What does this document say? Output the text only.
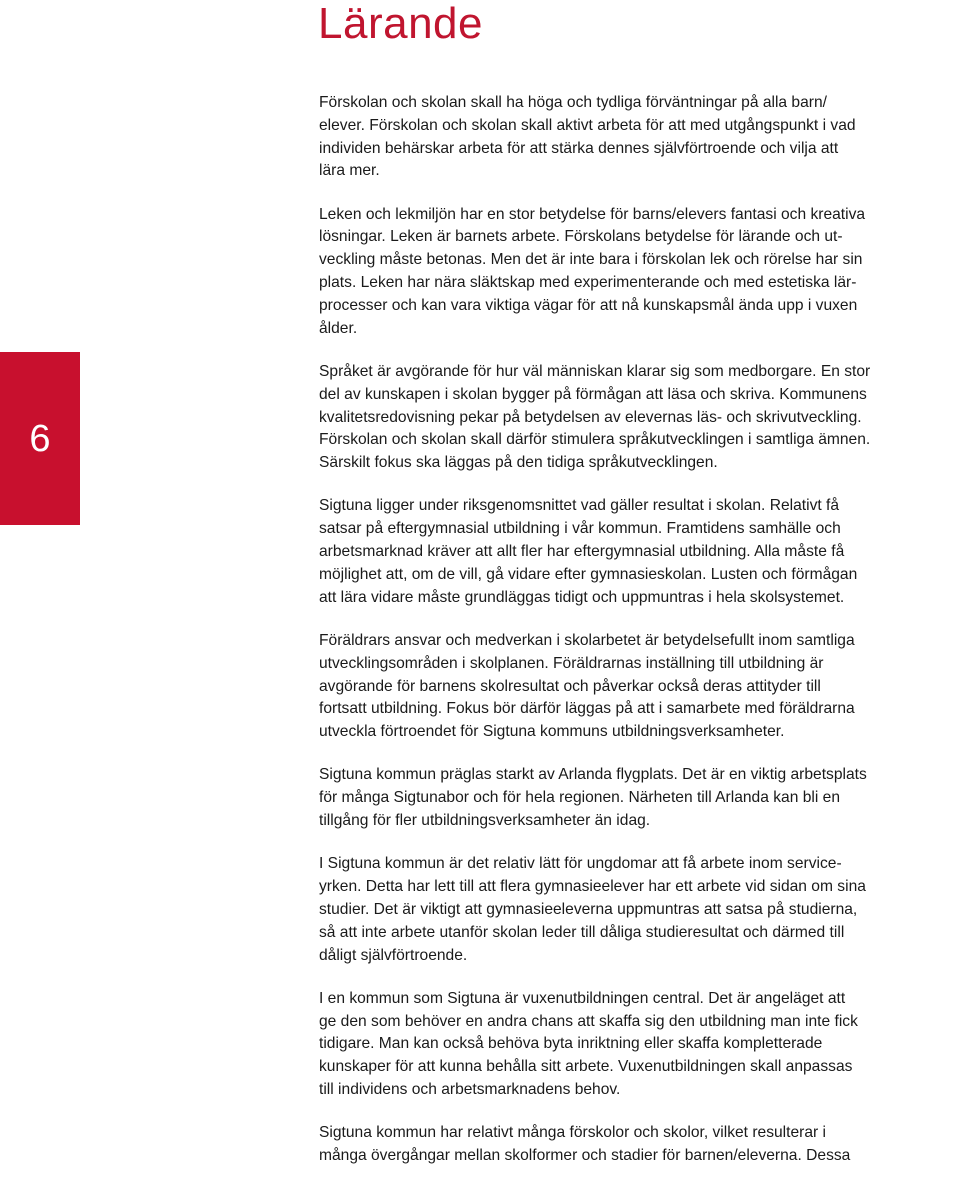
Lärande
6

Förskolan och skolan skall ha höga och tydliga förväntningar på alla barn/
elever. Förskolan och skolan skall aktivt arbeta för att med utgångspunkt i vad
individen behärskar arbeta för att stärka dennes självförtroende och vilja att
lära mer.

Leken och lekmiljön har en stor betydelse för barns/elevers fantasi och kreativa
lösningar. Leken är barnets arbete. Förskolans betydelse för lärande och ut-
veckling måste betonas. Men det är inte bara i förskolan lek och rörelse har sin
plats. Leken har nära släktskap med experimenterande och med estetiska lär-
processer och kan vara viktiga vägar för att nå kunskapsmål ända upp i vuxen
ålder.

Språket är avgörande för hur väl människan klarar sig som medborgare. En stor
del av kunskapen i skolan bygger på förmågan att läsa och skriva. Kommunens
kvalitetsredovisning pekar på betydelsen av elevernas läs- och skrivutveckling.
Förskolan och skolan skall därför stimulera språkutvecklingen i samtliga ämnen.
Särskilt fokus ska läggas på den tidiga språkutvecklingen.

Sigtuna ligger under riksgenomsnittet vad gäller resultat i skolan. Relativt få
satsar på eftergymnasial utbildning i vår kommun. Framtidens samhälle och
arbetsmarknad kräver att allt fler har eftergymnasial utbildning. Alla måste få
möjlighet att, om de vill, gå vidare efter gymnasieskolan. Lusten och förmågan
att lära vidare måste grundläggas tidigt och uppmuntras i hela skolsystemet.

Föräldrars ansvar och medverkan i skolarbetet är betydelsefullt inom samtliga
utvecklingsområden i skolplanen. Föräldrarnas inställning till utbildning är
avgörande för barnens skolresultat och påverkar också deras attityder till
fortsatt utbildning. Fokus bör därför läggas på att i samarbete med föräldrarna
utveckla förtroendet för Sigtuna kommuns utbildningsverksamheter.

Sigtuna kommun präglas starkt av Arlanda flygplats. Det är en viktig arbetsplats
för många Sigtunabor och för hela regionen. Närheten till Arlanda kan bli en
tillgång för fler utbildningsverksamheter än idag.

I Sigtuna kommun är det relativ lätt för ungdomar att få arbete inom service-
yrken. Detta har lett till att flera gymnasieelever har ett arbete vid sidan om sina
studier. Det är viktigt att gymnasieeleverna uppmuntras att satsa på studierna,
så att inte arbete utanför skolan leder till dåliga studieresultat och därmed till
dåligt självförtroende.

I en kommun som Sigtuna är vuxenutbildningen central. Det är angeläget att
ge den som behöver en andra chans att skaffa sig den utbildning man inte fick
tidigare. Man kan också behöva byta inriktning eller skaffa kompletterade
kunskaper för att kunna behålla sitt arbete. Vuxenutbildningen skall anpassas
till individens och arbetsmarknadens behov.

Sigtuna kommun har relativt många förskolor och skolor, vilket resulterar i
många övergångar mellan skolformer och stadier för barnen/eleverna. Dessa
